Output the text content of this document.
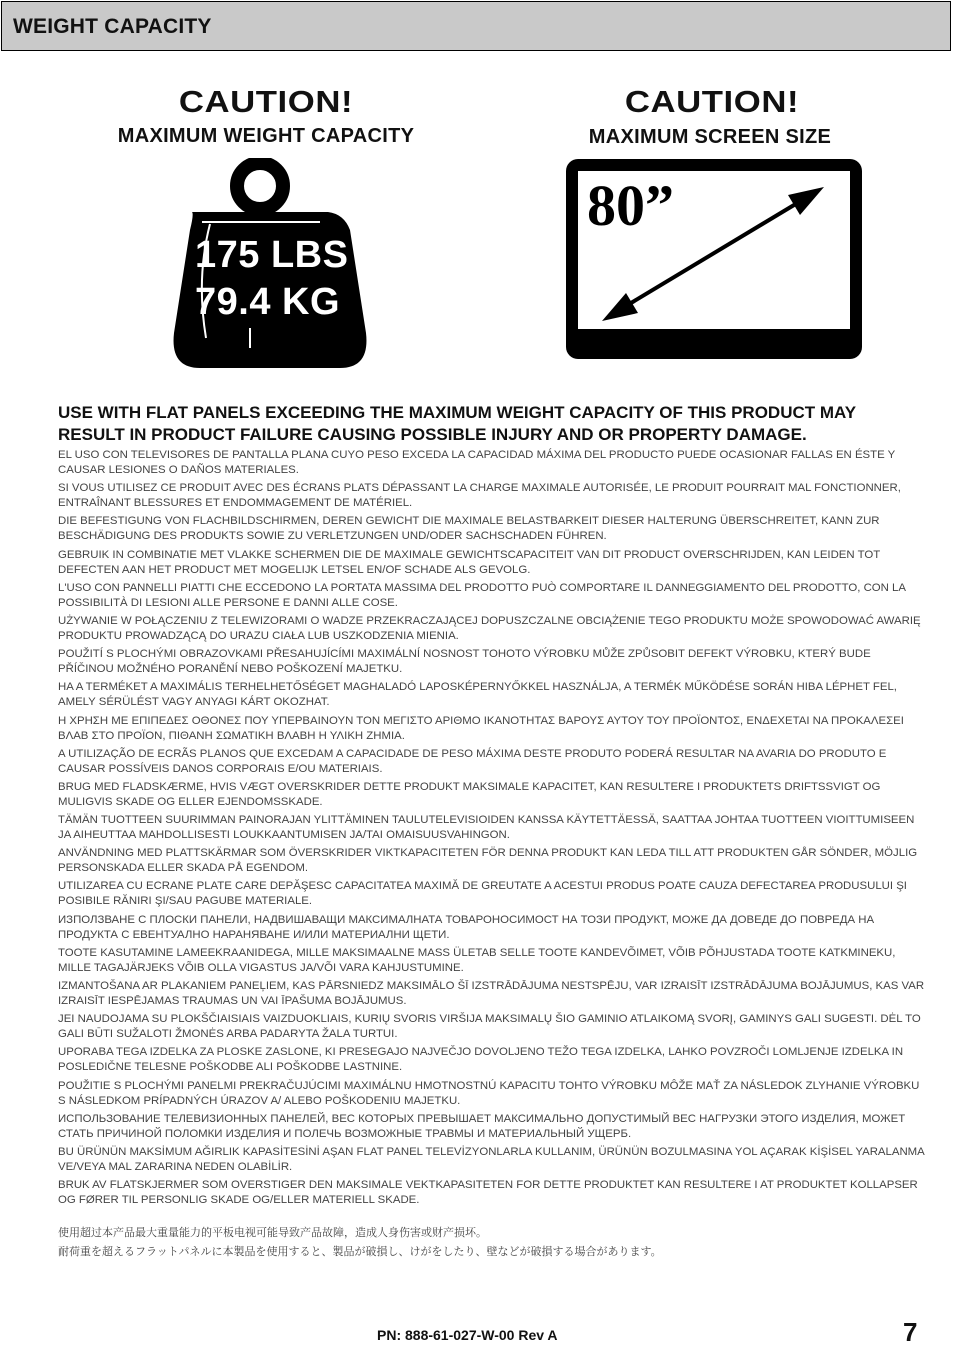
WEIGHT CAPACITY
CAUTION!
MAXIMUM WEIGHT CAPACITY
175 LBS
79.4 KG
CAUTION!
MAXIMUM SCREEN SIZE
80”
USE WITH FLAT PANELS EXCEEDING THE MAXIMUM WEIGHT CAPACITY OF THIS PRODUCT MAY RESULT IN PRODUCT FAILURE CAUSING POSSIBLE INJURY AND OR PROPERTY DAMAGE.

EL USO CON TELEVISORES DE PANTALLA PLANA CUYO PESO EXCEDA LA CAPACIDAD MÁXIMA DEL PRODUCTO PUEDE OCASIONAR FALLAS EN ÉSTE Y CAUSAR LESIONES O DAÑOS MATERIALES.

SI VOUS UTILISEZ CE PRODUIT AVEC DES ÉCRANS PLATS DÉPASSANT LA CHARGE MAXIMALE AUTORISÉE, LE PRODUIT POURRAIT MAL FONCTIONNER, ENTRAÎNANT BLESSURES ET ENDOMMAGEMENT DE MATÉRIEL.

DIE BEFESTIGUNG VON FLACHBILDSCHIRMEN, DEREN GEWICHT DIE MAXIMALE BELASTBARKEIT DIESER HALTERUNG ÜBERSCHREITET, KANN ZUR BESCHÄDIGUNG DES PRODUKTS SOWIE ZU VERLETZUNGEN UND/ODER SACHSCHADEN FÜHREN.

GEBRUIK IN COMBINATIE MET VLAKKE SCHERMEN DIE DE MAXIMALE GEWICHTSCAPACITEIT VAN DIT PRODUCT OVERSCHRIJDEN, KAN LEIDEN TOT DEFECTEN AAN HET PRODUCT MET MOGELIJK LETSEL EN/OF SCHADE ALS GEVOLG.

L'USO CON PANNELLI PIATTI CHE ECCEDONO LA PORTATA MASSIMA DEL PRODOTTO PUÒ COMPORTARE IL DANNEGGIAMENTO DEL PRODOTTO, CON LA POSSIBILITÀ DI LESIONI ALLE PERSONE E DANNI ALLE COSE.

UŻYWANIE W POŁĄCZENIU Z TELEWIZORAMI O WADZE PRZEKRACZAJĄCEJ DOPUSZCZALNE OBCIĄŻENIE TEGO PRODUKTU MOŻE SPOWODOWAĆ AWARIĘ PRODUKTU PROWADZĄCĄ DO URAZU CIAŁA LUB USZKODZENIA MIENIA.

POUŽITÍ S PLOCHÝMI OBRAZOVKAMI PŘESAHUJÍCÍMI MAXIMÁLNÍ NOSNOST TOHOTO VÝROBKU MŮŽE ZPŮSOBIT DEFEKT VÝROBKU, KTERÝ BUDE PŘÍČINOU MOŽNÉHO PORANĚNÍ NEBO POŠKOZENÍ MAJETKU.

HA A TERMÉKET A MAXIMÁLIS TERHELHETŐSÉGET MAGHALADÓ LAPOSKÉPERNYŐKKEL HASZNÁLJA, A TERMÉK MŰKÖDÉSE SORÁN HIBA LÉPHET FEL, AMELY SÉRÜLÉST VAGY ANYAGI KÁRT OKOZHAT.

Η ΧΡΗΣΗ ΜΕ ΕΠΙΠΕΔΕΣ ΟΘΟΝΕΣ ΠΟΥ ΥΠΕΡΒΑΙΝΟΥΝ ΤΟΝ ΜΕΓΙΣΤΟ ΑΡΙΘΜΟ ΙΚΑΝΟΤΗΤΑΣ ΒΑΡΟΥΣ ΑΥΤΟΥ ΤΟΥ ΠΡΟΪΟΝΤΟΣ, ΕΝΔΕΧΕΤΑΙ ΝΑ ΠΡΟΚΑΛΕΣΕΙ ΒΛΑΒ ΣΤΟ ΠΡΟΪΟΝ, ΠΙΘΑΝΗ ΣΩΜΑΤΙΚΗ ΒΛΑΒΗ Η ΥΛΙΚΗ ΖΗΜΙΑ.

A UTILIZAÇÃO DE ECRÃS PLANOS QUE EXCEDAM A CAPACIDADE DE PESO MÁXIMA DESTE PRODUTO PODERÁ RESULTAR NA AVARIA DO PRODUTO E CAUSAR POSSÍVEIS DANOS CORPORAIS E/OU MATERIAIS.

BRUG MED FLADSKÆRME, HVIS VÆGT OVERSKRIDER DETTE PRODUKT MAKSIMALE KAPACITET, KAN RESULTERE I PRODUKTETS DRIFTSSVIGT OG MULIGVIS SKADE OG ELLER EJENDOMSSKADE.

TÄMÄN TUOTTEEN SUURIMMAN PAINORAJAN YLITTÄMINEN TAULUTELEVISIOIDEN KANSSA KÄYTETTÄESSÄ, SAATTAA JOHTAA TUOTTEEN VIOITTUMISEEN JA AIHEUTTAA MAHDOLLISESTI LOUKKAANTUMISEN JA/TAI OMAISUUSVAHINGON.

ANVÄNDNING MED PLATTSKÄRMAR SOM ÖVERSKRIDER VIKTKAPACITETEN FÖR DENNA PRODUKT KAN LEDA TILL ATT PRODUKTEN GÅR SÖNDER, MÖJLIG PERSONSKADA ELLER SKADA PÅ EGENDOM.

UTILIZAREA CU ECRANE PLATE CARE DEPĂŞESC CAPACITATEA MAXIMĂ DE GREUTATE A ACESTUI PRODUS POATE CAUZA DEFECTAREA PRODUSULUI ŞI POSIBILE RĂNIRI ŞI/SAU PAGUBE MATERIALE.

ИЗПОЛЗВАНЕ С ПЛОСКИ ПАНЕЛИ, НАДВИШАВАЩИ МАКСИМАЛНАТА ТОВАРОНОСИМОСТ НА ТОЗИ ПРОДУКТ, МОЖЕ ДА ДОВЕДЕ ДО ПОВРЕДА НА ПРОДУКТА С ЕВЕНТУАЛНО НАРАНЯВАНЕ И/ИЛИ МАТЕРИАЛНИ ЩЕТИ.

TOOTE KASUTAMINE LAMEEKRAANIDEGA, MILLE MAKSIMAALNE MASS ÜLETAB SELLE TOOTE KANDEVÕIMET, VÕIB PÕHJUSTADA TOOTE KATKMINEKU, MILLE TAGAJÄRJEKS VÕIB OLLA VIGASTUS JA/VÕI VARA KAHJUSTUMINE.

IZMANTOŠANA AR PLAKANIEM PANEĻIEM, KAS PĀRSNIEDZ MAKSIMĀLO ŠĪ IZSTRĀDĀJUMA NESTSPĒJU, VAR IZRAISĪT IZSTRĀDĀJUMA BOJĀJUMUS, KAS VAR IZRAISĪT IESPĒJAMAS TRAUMAS UN VAI ĪPAŠUMA BOJĀJUMUS.

JEI NAUDOJAMA SU PLOKŠČIAISIAIS VAIZDUOKLIAIS, KURIŲ SVORIS VIRŠIJA MAKSIMALŲ ŠIO GAMINIO ATLAIKOMĄ SVORĮ, GAMINYS GALI SUGESTI. DĖL TO GALI BŪTI SUŽALOTI ŽMONĖS ARBA PADARYTA ŽALA TURTUI.

UPORABA TEGA IZDELKA ZA PLOSKE ZASLONE, KI PRESEGAJO NAJVEČJO DOVOLJENO TEŽO TEGA IZDELKA, LAHKO POVZROČI LOMLJENJE IZDELKA IN POSLEDIČNE TELESNE POŠKODBE ALI POŠKODBE LASTNINE.

POUŽITIE S PLOCHÝMI PANELMI PREKRAČUJÚCIMI MAXIMÁLNU HMOTNOSTNÚ KAPACITU TOHTO VÝROBKU MÔŽE MAŤ ZA NÁSLEDOK ZLYHANIE VÝROBKU S NÁSLEDKOM PRÍPADNÝCH ÚRAZOV A/ ALEBO POŠKODENIU MAJETKU.

ИСПОЛЬЗОВАНИЕ ТЕЛЕВИЗИОННЫХ ПАНЕЛЕЙ, ВЕС КОТОРЫХ ПРЕВЫШАЕТ МАКСИМАЛЬНО ДОПУСТИМЫЙ ВЕС НАГРУЗКИ ЭТОГО ИЗДЕЛИЯ, МОЖЕТ СТАТЬ ПРИЧИНОЙ ПОЛОМКИ ИЗДЕЛИЯ И ПОЛЕЧЬ ВОЗМОЖНЫЕ ТРАВМЫ И МАТЕРИАЛЬНЫЙ УЩЕРБ.

BU ÜRÜNÜN MAKSİMUM AĞIRLIK KAPASİTESİNİ AŞAN FLAT PANEL TELEVİZYONLARLA KULLANIM, ÜRÜNÜN BOZULMASINA YOL AÇARAK KİŞİSEL YARALANMA VE/VEYA MAL ZARARINA NEDEN OLABİLİR.

BRUK AV FLATSKJERMER SOM OVERSTIGER DEN MAKSIMALE VEKTKAPASITETEN FOR DETTE PRODUKTET KAN RESULTERE I AT PRODUKTET KOLLAPSER OG FØRER TIL PERSONLIG SKADE OG/ELLER MATERIELL SKADE.

使用超过本产品最大重量能力的平板电视可能导致产品故障，造成人身伤害或财产损坏。
耐荷重を超えるフラットパネルに本製品を使用すると、製品が破損し、けがをしたり、壁などが破損する場合があります。
PN: 888-61-027-W-00 Rev A	7
